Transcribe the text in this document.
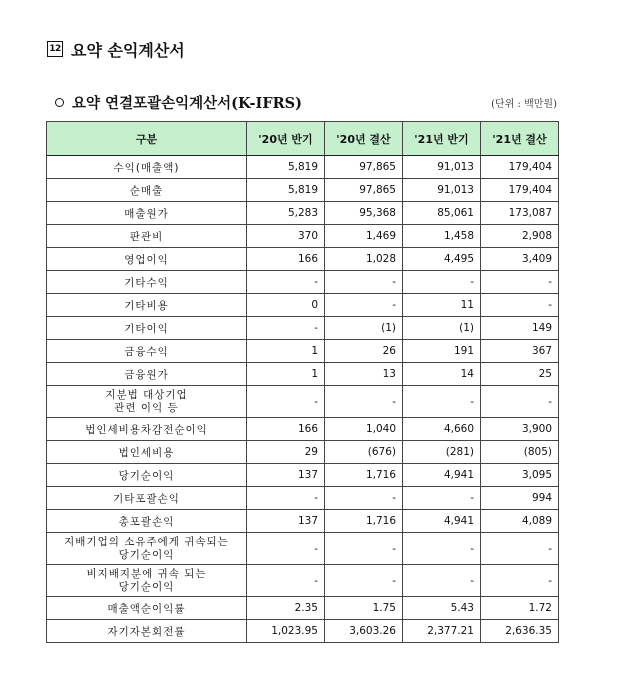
12 요약 손익계산서
요약 연결포괄손익계산서(K-IFRS)	(단위 : 백만원)
구분	'20년 반기	'20년 결산	'21년 반기	'21년 결산
수익(매출액)	5,819	97,865	91,013	179,404
순매출	5,819	97,865	91,013	179,404
매출원가	5,283	95,368	85,061	173,087
판관비	370	1,469	1,458	2,908
영업이익	166	1,028	4,495	3,409
기타수익	-	-	-	-
기타비용	0	-	11	-
기타이익	-	(1)	(1)	149
금융수익	1	26	191	367
금융원가	1	13	14	25

지분법 대상기업
관련 이익 등	-	-	-	-
법인세비용차감전순이익	166	1,040	4,660	3,900
법인세비용	29	(676)	(281)	(805)
당기순이익	137	1,716	4,941	3,095
기타포괄손익	-	-	-	994
총포괄손익	137	1,716	4,941	4,089

지배기업의 소유주에게 귀속되는
당기순이익	-	-	-	-

비지배지분에 귀속 되는
당기순이익	-	-	-	-
매출액순이익률	2.35	1.75	5.43	1.72
자기자본회전률	1,023.95	3,603.26	2,377.21	2,636.35
